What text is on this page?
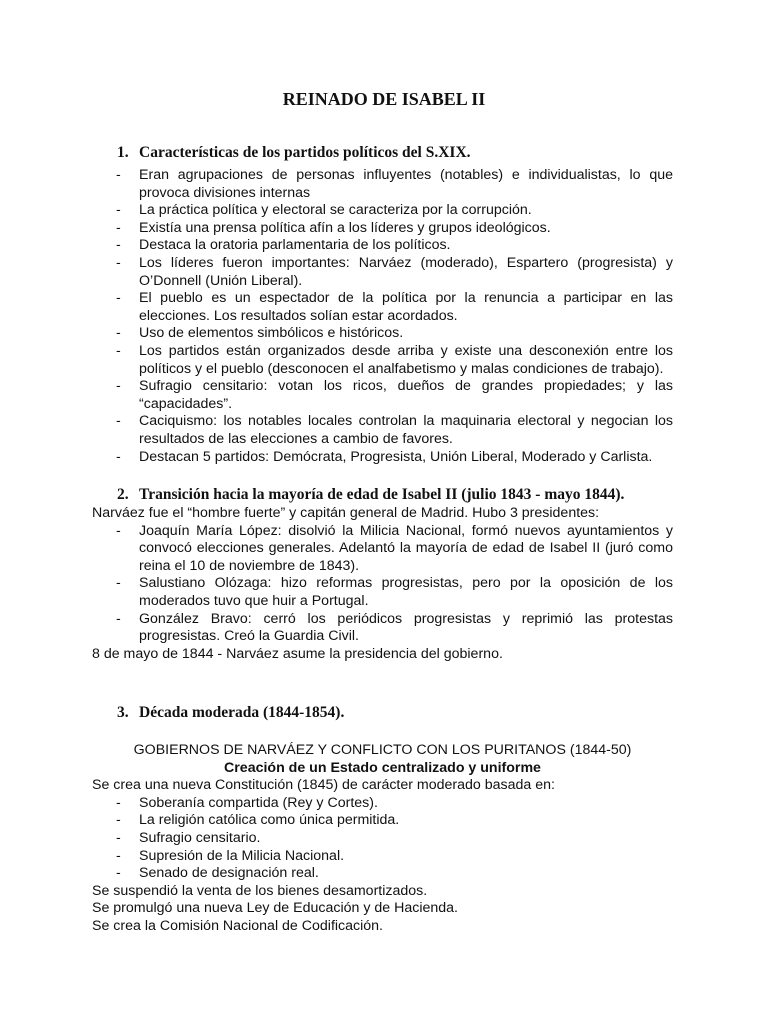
REINADO DE ISABEL II
1. Características de los partidos políticos del S.XIX.
- Eran agrupaciones de personas influyentes (notables) e individualistas, lo que provoca divisiones internas
- La práctica política y electoral se caracteriza por la corrupción.
- Existía una prensa política afín a los líderes y grupos ideológicos.
- Destaca la oratoria parlamentaria de los políticos.
- Los líderes fueron importantes: Narváez (moderado), Espartero (progresista) y O’Donnell (Unión Liberal).
- El pueblo es un espectador de la política por la renuncia a participar en las elecciones. Los resultados solían estar acordados.
- Uso de elementos simbólicos e históricos.
- Los partidos están organizados desde arriba y existe una desconexión entre los políticos y el pueblo (desconocen el analfabetismo y malas condiciones de trabajo).
- Sufragio censitario: votan los ricos, dueños de grandes propiedades; y las “capacidades”.
- Caciquismo: los notables locales controlan la maquinaria electoral y negocian los resultados de las elecciones a cambio de favores.
- Destacan 5 partidos: Demócrata, Progresista, Unión Liberal, Moderado y Carlista.
2. Transición hacia la mayoría de edad de Isabel II (julio 1843 - mayo 1844).

Narváez fue el “hombre fuerte” y capitán general de Madrid. Hubo 3 presidentes:

- Joaquín María López: disolvió la Milicia Nacional, formó nuevos ayuntamientos y convocó elecciones generales. Adelantó la mayoría de edad de Isabel II (juró como reina el 10 de noviembre de 1843).
- Salustiano Olózaga: hizo reformas progresistas, pero por la oposición de los moderados tuvo que huir a Portugal.
- González Bravo: cerró los periódicos progresistas y reprimió las protestas progresistas. Creó la Guardia Civil.

8 de mayo de 1844 - Narváez asume la presidencia del gobierno.

3. Década moderada (1844-1854).

GOBIERNOS DE NARVÁEZ Y CONFLICTO CON LOS PURITANOS (1844-50)

Creación de un Estado centralizado y uniforme

Se crea una nueva Constitución (1845) de carácter moderado basada en:

- Soberanía compartida (Rey y Cortes).
- La religión católica como única permitida.
- Sufragio censitario.
- Supresión de la Milicia Nacional.
- Senado de designación real.

Se suspendió la venta de los bienes desamortizados.

Se promulgó una nueva Ley de Educación y de Hacienda.

Se crea la Comisión Nacional de Codificación.
